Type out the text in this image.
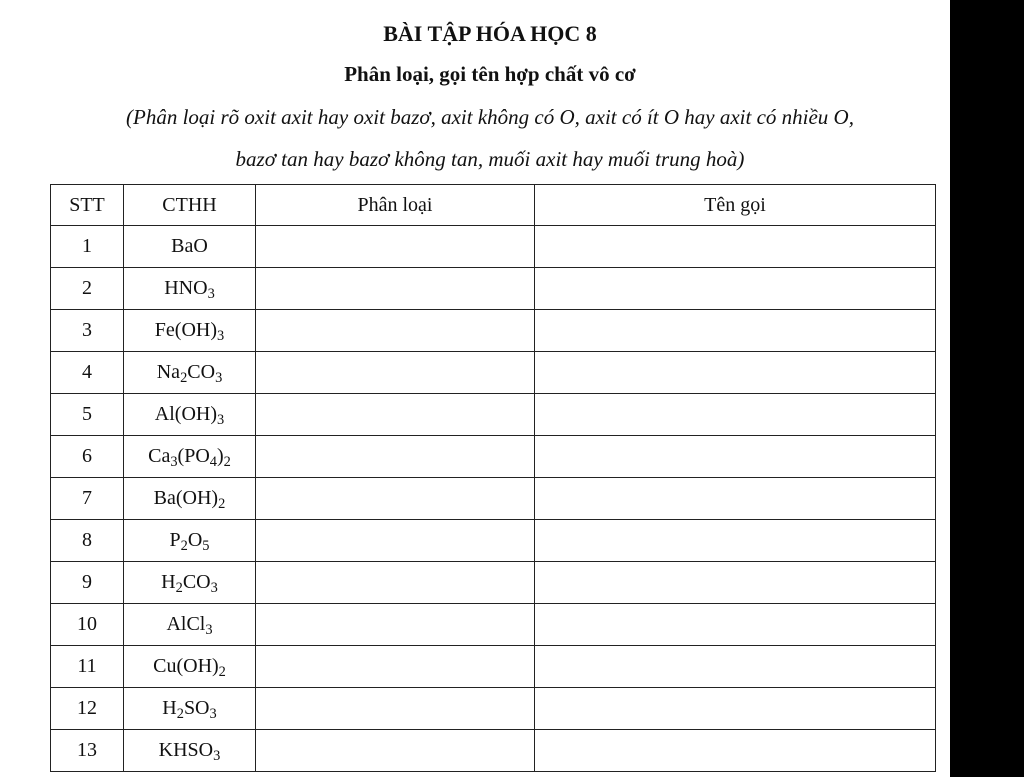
BÀI TẬP HÓA HỌC 8
Phân loại, gọi tên hợp chất vô cơ
(Phân loại rõ oxit axit hay oxit bazơ, axit không có O, axit có ít O hay axit có nhiều O,
bazơ tan hay bazơ không tan, muối axit hay muối trung hoà)
STT	CTHH	Phân loại	Tên gọi
1	BaO		
2	$HNO_3$		
3	$Fe(OH)_3$		
4	$Na_2CO_3$		
5	$Al(OH)_3$		
6	$Ca_3(PO_4)_2$		
7	$Ba(OH)_2$		
8	$P_2O_5$		
9	$H_2CO_3$		
10	AlCl$_3$		
11	$Cu(OH)_2$		
12	$H_2SO_3$		
13	$KHSO_3$		
